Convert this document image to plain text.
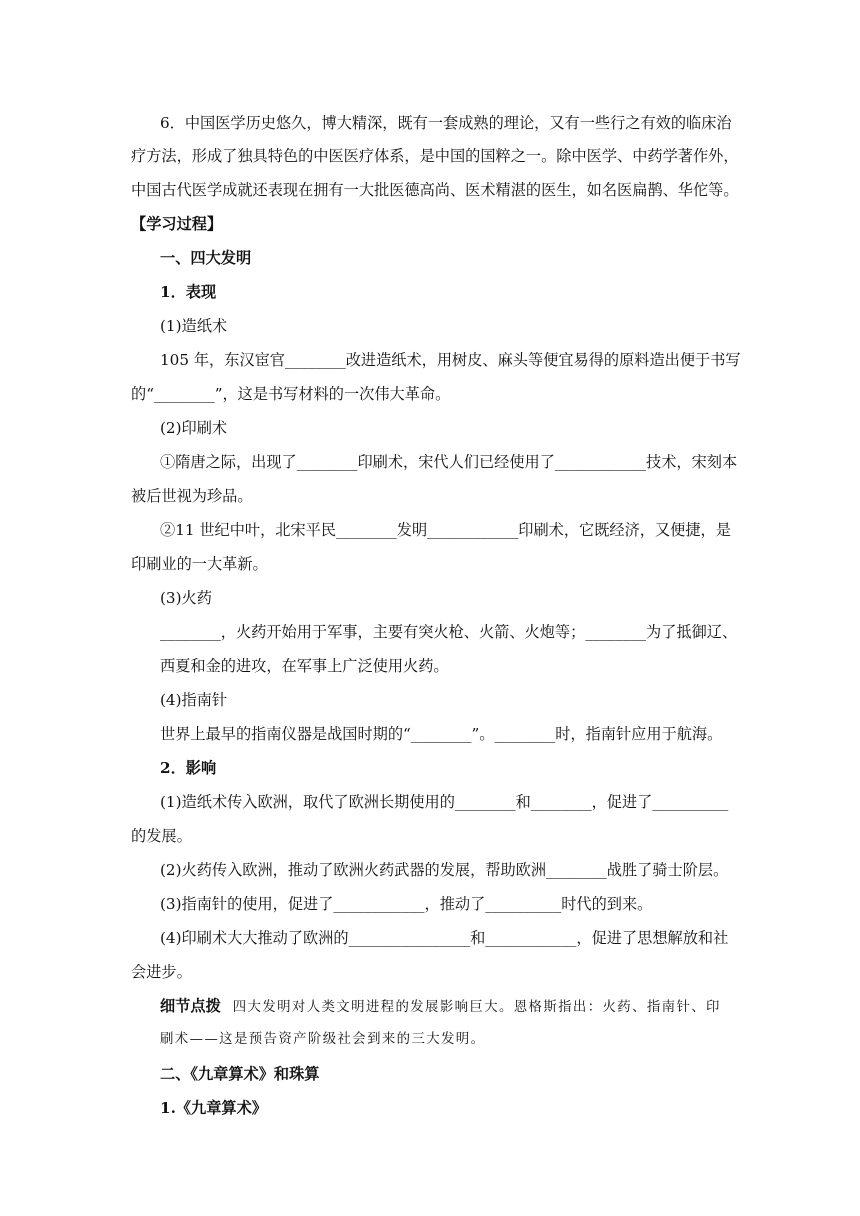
6．中国医学历史悠久，博大精深，既有一套成熟的理论，又有一些行之有效的临床治
疗方法，形成了独具特色的中医医疗体系，是中国的国粹之一。除中医学、中药学著作外，
中国古代医学成就还表现在拥有一大批医德高尚、医术精湛的医生，如名医扁鹊、华佗等。
【学习过程】
一、四大发明
1．表现
(1)造纸术
105 年，东汉宦官________改进造纸术，用树皮、麻头等便宜易得的原料造出便于书写
的“________”，这是书写材料的一次伟大革命。
(2)印刷术
①隋唐之际，出现了________印刷术，宋代人们已经使用了____________技术，宋刻本
被后世视为珍品。
②11 世纪中叶，北宋平民________发明____________印刷术，它既经济，又便捷，是
印刷业的一大革新。
(3)火药
________，火药开始用于军事，主要有突火枪、火箭、火炮等；________为了抵御辽、
西夏和金的进攻，在军事上广泛使用火药。
(4)指南针
世界上最早的指南仪器是战国时期的“________”。________时，指南针应用于航海。
2．影响
(1)造纸术传入欧洲，取代了欧洲长期使用的________和________，促进了__________
的发展。
(2)火药传入欧洲，推动了欧洲火药武器的发展，帮助欧洲________战胜了骑士阶层。
(3)指南针的使用，促进了____________，推动了__________时代的到来。
(4)印刷术大大推动了欧洲的________________和____________，促进了思想解放和社
会进步。
细节点拨 四大发明对人类文明进程的发展影响巨大。恩格斯指出：火药、指南针、印
刷术——这是预告资产阶级社会到来的三大发明。
二、《九章算术》和珠算
1.《九章算术》
